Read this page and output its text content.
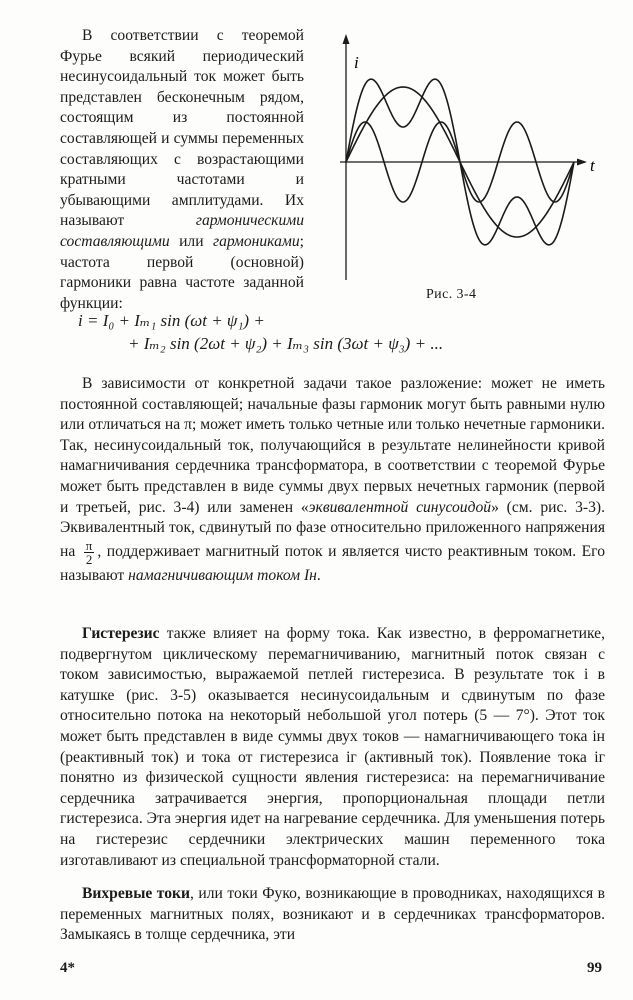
В соответствии с теоремой Фурье всякий периодический несинусоидальный ток может быть представлен бесконечным рядом, состоящим из постоянной составляющей и суммы переменных составляющих с возрастающими кратными частотами и убывающими амплитудами. Их называют	гармоническими составляющими или гармониками; частота первой (основной) гармоники равна частоте заданной функции:
i
t
Рис. 3-4
i = I₀ + Iₘ₁ sin (ωt + ψ₁) +
+ Iₘ₂ sin (2ωt + ψ₂) + Iₘ₃ sin (3ωt + ψ₃) + ...
В зависимости от конкретной задачи такое разложение: может не иметь постоянной составляющей; начальные фазы гармоник могут быть равными нулю или отличаться на π; может иметь только четные или только нечетные гармоники. Так, несинусоидальный ток, получающийся в результате нелинейности кривой намагничивания сердечника трансформатора, в соответствии с теоремой Фурье может быть представлен в виде суммы двух первых нечетных гармоник (первой и третьей, рис. 3-4) или заменен «эквивалентной синусоидой» (см. рис. 3-3). Эквивалентный ток, сдвинутый по фазе относительно приложенного напряжения на $\frac{\pi}{2}$ , поддерживает магнитный поток и является чисто реактивным током. Его называют намагничивающим током Iн.
Гистерезис также влияет на форму тока. Как известно, в ферромагнетике, подвергнутом циклическому перемагничиванию, магнитный поток связан с током зависимостью, выражаемой петлей гистерезиса. В результате ток i в катушке (рис. 3-5) оказывается несинусоидальным и сдвинутым по фазе относительно потока на некоторый небольшой угол потерь (5 — 7°). Этот ток может быть представлен в виде суммы двух токов — намагничивающего тока iн (реактивный ток) и тока от гистерезиса iг (активный ток). Появление тока iг понятно из физической сущности явления гистерезиса: на перемагничивание сердечника затрачивается энергия, пропорциональная площади петли гистерезиса. Эта энергия идет на нагревание сердечника. Для уменьшения потерь на гистерезис сердечники электрических машин переменного тока изготавливают из специальной трансформаторной стали.
Вихревые токи, или токи Фуко, возникающие в проводниках, находящихся в переменных магнитных полях, возникают и в сердечниках трансформаторов. Замыкаясь в толще сердечника, эти
4*	99
